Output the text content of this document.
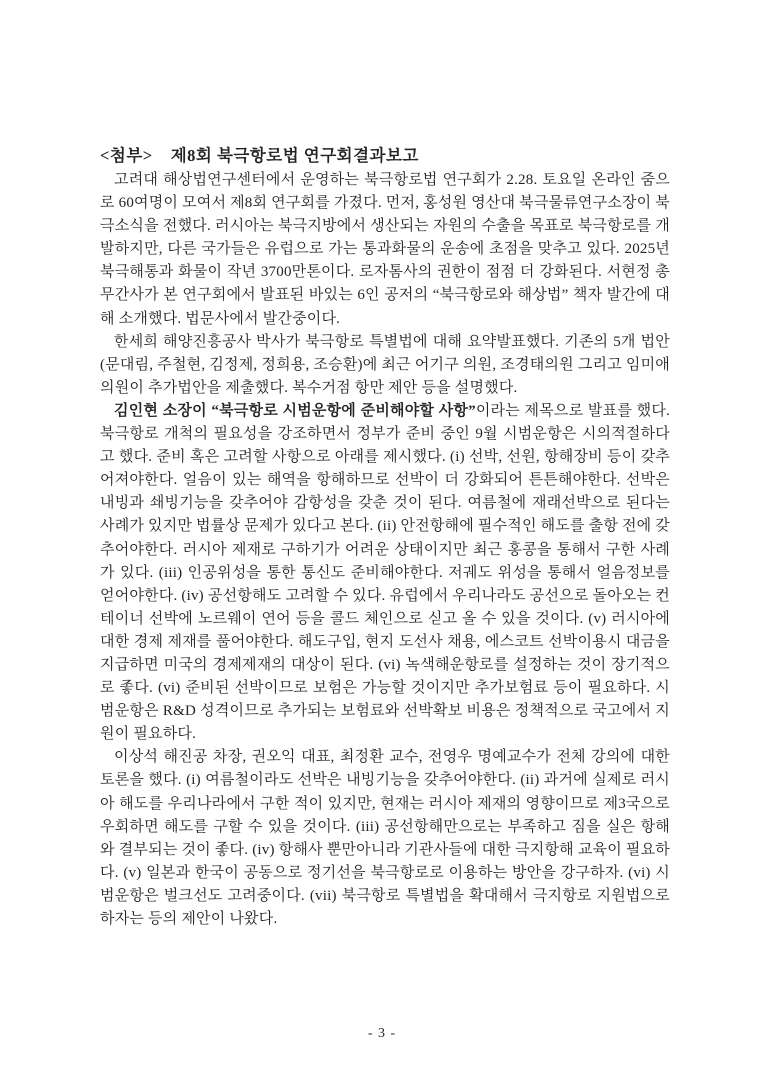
<첨부> 제8회 북극항로법 연구회결과보고

고려대 해상법연구센터에서 운영하는 북극항로법 연구회가 2.28. 토요일 온라인 줌으로 60여명이 모여서 제8회 연구회를 가졌다. 먼저, 홍성원 영산대 북극물류연구소장이 북극소식을 전했다. 러시아는 북극지방에서 생산되는 자원의 수출을 목표로 북극항로를 개발하지만, 다른 국가들은 유럽으로 가는 통과화물의 운송에 초점을 맞추고 있다. 2025년 북극해통과 화물이 작년 3700만톤이다. 로자톰사의 권한이 점점 더 강화된다. 서현정 총무간사가 본 연구회에서 발표된 바있는 6인 공저의 “북극항로와 해상법” 책자 발간에 대해 소개했다. 법문사에서 발간중이다.

한세희 해양진흥공사 박사가 북극항로 특별법에 대해 요약발표했다. 기존의 5개 법안(문대림, 주철현, 김정제, 정희용, 조승환)에 최근 어기구 의원, 조경태의원 그리고 임미애 의원이 추가법안을 제출했다. 복수거점 항만 제안 등을 설명했다.

김인현 소장이 “북극항로 시범운항에 준비해야할 사항”이라는 제목으로 발표를 했다. 북극항로 개척의 필요성을 강조하면서 정부가 준비 중인 9월 시범운항은 시의적절하다고 했다. 준비 혹은 고려할 사항으로 아래를 제시했다. (i) 선박, 선원, 항해장비 등이 갖추어져야한다. 얼음이 있는 해역을 항해하므로 선박이 더 강화되어 튼튼해야한다. 선박은 내빙과 쇄빙기능을 갖추어야 감항성을 갖춘 것이 된다. 여름철에 재래선박으로 된다는 사례가 있지만 법률상 문제가 있다고 본다. (ii) 안전항해에 필수적인 해도를 출항 전에 갖추어야한다. 러시아 제재로 구하기가 어려운 상태이지만 최근 홍콩을 통해서 구한 사례가 있다. (iii) 인공위성을 통한 통신도 준비해야한다. 저궤도 위성을 통해서 얼음정보를 얻어야한다. (iv) 공선항해도 고려할 수 있다. 유럽에서 우리나라도 공선으로 돌아오는 컨테이너 선박에 노르웨이 연어 등을 콜드 체인으로 싣고 올 수 있을 것이다. (v) 러시아에 대한 경제 제재를 풀어야한다. 해도구입, 현지 도선사 채용, 에스코트 선박이용시 대금을 지급하면 미국의 경제제재의 대상이 된다. (vi) 녹색해운항로를 설정하는 것이 장기적으로 좋다. (vi) 준비된 선박이므로 보험은 가능할 것이지만 추가보험료 등이 필요하다. 시범운항은 R&D 성격이므로 추가되는 보험료와 선박확보 비용은 정책적으로 국고에서 지원이 필요하다.

이상석 해진공 차장, 권오익 대표, 최정환 교수, 전영우 명예교수가 전체 강의에 대한 토론을 했다. (i) 여름철이라도 선박은 내빙기능을 갖추어야한다. (ii) 과거에 실제로 러시아 해도를 우리나라에서 구한 적이 있지만, 현재는 러시아 제재의 영향이므로 제3국으로 우회하면 해도를 구할 수 있을 것이다. (iii) 공선항해만으로는 부족하고 짐을 실은 항해와 결부되는 것이 좋다. (iv) 항해사 뿐만아니라 기관사들에 대한 극지항해 교육이 필요하다. (v) 일본과 한국이 공동으로 정기선을 북극항로로 이용하는 방안을 강구하자. (vi) 시범운항은 벌크선도 고려중이다. (vii) 북극항로 특별법을 확대해서 극지항로 지원법으로 하자는 등의 제안이 나왔다.

- 3 -
